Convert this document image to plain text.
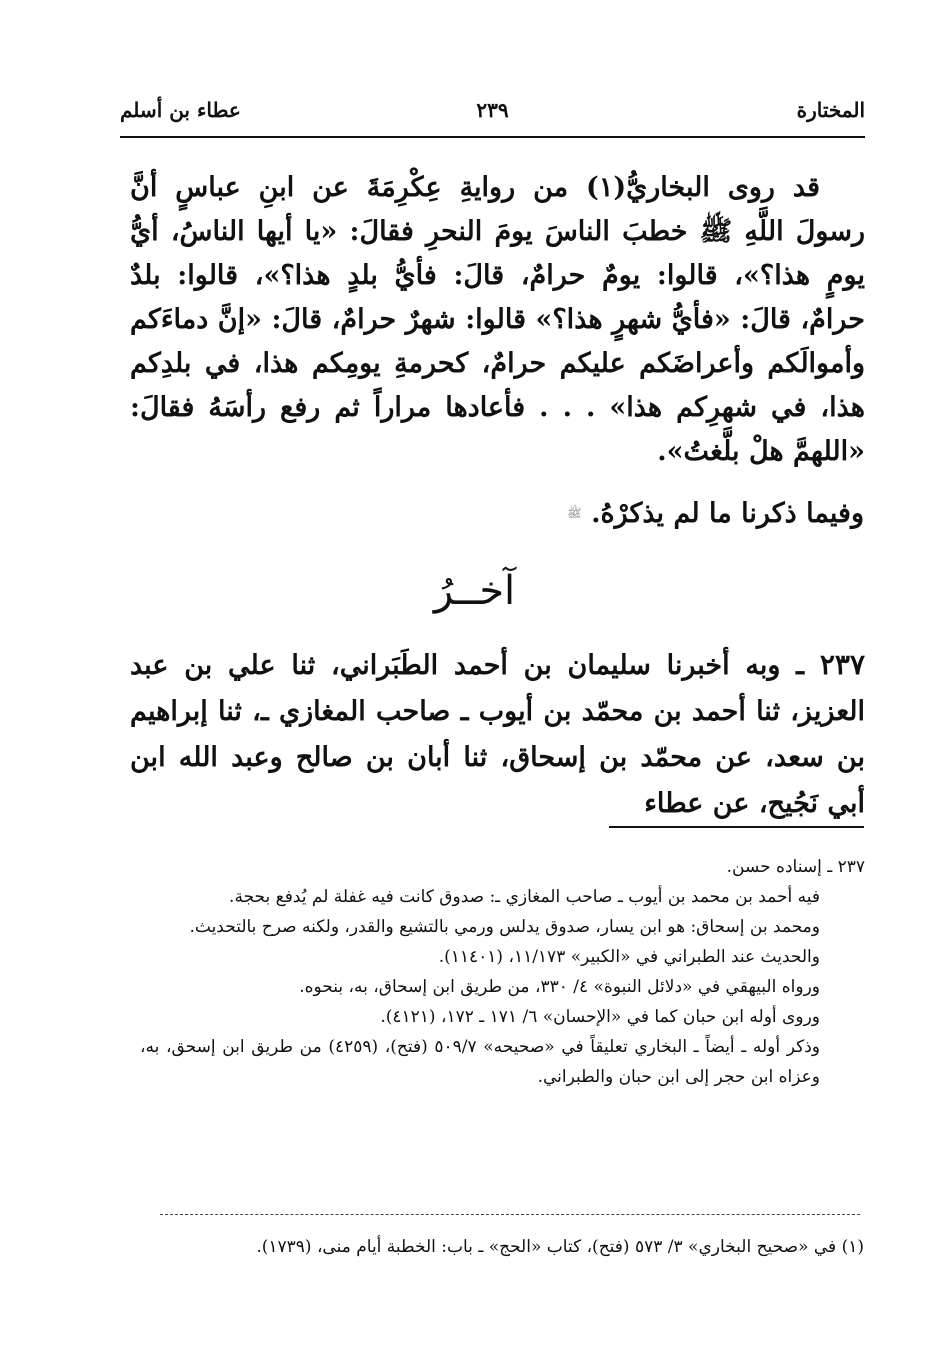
المختارة
٢٣٩
عطاء بن أسلم

قد روى البخاريُّ(١) من روايةِ عِكْرِمَةَ عن ابنِ عباسٍ أنَّ رسولَ اللَّهِ ﷺ خطبَ الناسَ يومَ النحرِ فقالَ: «يا أيها الناسُ، أيُّ يومٍ هذا؟»، قالوا: يومٌ حرامٌ، قالَ: فأيُّ بلدٍ هذا؟»، قالوا: بلدٌ حرامٌ، قالَ: «فأيُّ شهرٍ هذا؟» قالوا: شهرٌ حرامٌ، قالَ: «إنَّ دماءَكم وأموالَكم وأعراضَكم عليكم حرامٌ، كحرمةِ يومِكم هذا، في بلدِكم هذا، في شهرِكم هذا» . . . فأعادها مراراً ثم رفع رأسَهُ فقالَ: «اللهمَّ هلْ بلَّغتُ».

وفيما ذكرنا ما لم يذكرْهُ. ﷺ
آخــرُ

٢٣٧ ـ وبه أخبرنا سليمان بن أحمد الطَبَراني، ثنا علي بن عبد العزيز، ثنا أحمد بن محمّد بن أيوب ـ صاحب المغازي ـ، ثنا إبراهيم بن سعد، عن محمّد بن إسحاق، ثنا أبان بن صالح وعبد الله ابن أبي نَجُيح، عن عطاء

٢٣٧ ـ إسناده حسن.

فيه أحمد بن محمد بن أيوب ـ صاحب المغازي ـ: صدوق كانت فيه غفلة لم يُدفع بحجة.

ومحمد بن إسحاق: هو ابن يسار، صدوق يدلس ورمي بالتشيع والقدر، ولكنه صرح بالتحديث.

والحديث عند الطبراني في «الكبير» ١١/١٧٣، (١١٤٠١).

ورواه البيهقي في «دلائل النبوة» ٤/ ٣٣٠، من طريق ابن إسحاق، به، بنحوه.

وروى أوله ابن حبان كما في «الإحسان» ٦/ ١٧١ ـ ١٧٢، (٤١٢١).

وذكر أوله ـ أيضاً ـ البخاري تعليقاً في «صحيحه» ٥٠٩/٧ (فتح)، (٤٢٥٩) من طريق ابن إسحق، به، وعزاه ابن حجر إلى ابن حبان والطبراني.

(١) في «صحيح البخاري» ٣/ ٥٧٣ (فتح)، كتاب «الحج» ـ باب: الخطبة أيام منى، (١٧٣٩).
